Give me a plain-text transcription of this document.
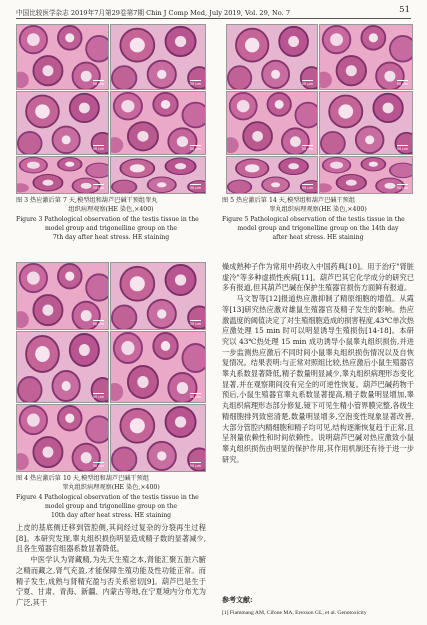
中国比较医学杂志 2019年7月第29卷第7期 Chin J Comp Med, July 2019, Vol. 29, No. 7	51
50 μm	50 μm
50 μm	50 μm
50 μm	50 μm
图 3 热应激后第 7 天,模型组和葫芦巴碱干预组睾丸
组织病理观察(HE 染色,×400)
Figure 3 Pathological observation of the testis tissue in the
model group and trigonelline group on the
7th day after heat stress. HE staining
50 μm	50 μm
50 μm	50 μm
50 μm	50 μm
图 5 热应激后第 14 天,模型组和葫芦巴碱干预组
睾丸组织病理观察(HE 染色,×400)
Figure 5 Pathological observation of the testis tissue in the
model group and trigonelline group on the 14th day
after heat stress. HE staining
50 μm	50 μm
50 μm	50 μm
50 μm	50 μm
图 4 热应激后第 10 天,模型组和葫芦巴碱干预组
睾丸组织病理观察(HE 染色,×400)
Figure 4 Pathological observation of the testis tissue in the
model group and trigonelline group on the
10th day after heat stress. HE staining

上皮的基底侧迁移到管腔侧,其间经过复杂的分裂再生过程[8]。本研究发现,睾丸组织损伤明显造成精子数的显著减少,且各生殖器官组器系数显著降低。

中医学认为肾藏精,为先天生殖之本,肾能汇聚五脏六腑之精而藏之,肾气充盈,才能保障生殖功能及性功能正常。而精子发生,成熟与肾精充盈与否关系密切[9]。葫芦巴是生于宁夏、甘肃、青海、新疆、内蒙古等地,在宁夏境内分布尤为广泛,其干

燥成熟种子作为常用中药收入中国药典[10]。用于治疗"肾脏虚冷"等多种虚损性疾病[11]。葫芦巴其它化学成分的研究已多有报道,但其葫芦巴碱在保护生殖器官损伤方面鲜有报道。

马文智等[12]报道热应激抑制了精原细胞的增值。从霞等[13]研究热应激对雄鼠生殖器官及精子发生的影响。热应激温度的阈值决定了对生殖细胞造成的损害程度,43℃单次热应激处理 15 min 时可以明显诱导生殖损伤[14-18]。本研究以 43℃热处理 15 min 成功诱导小鼠睾丸组织损伤,并进一步监测热应激后不同时间小鼠睾丸组织损伤情况以及自恢复情况。结果表明:与正常对照组比较,热应激后小鼠生殖器官睾丸系数显著降低,精子数量明显减少,睾丸组织病理形态变化显著,并在观察期间没有完全的可逆性恢复。葫芦巴碱药物干预后,小鼠生殖器官睾丸系数显著提高,精子数量明显增加,睾丸组织病理形态部分修复,镜下可见生精小管界膜完整,各级生精细胞排列致密清楚,数量明显增多,空泡变性现象显著改善,大部分管腔内精细胞和精子均可见,结构逐渐恢复趋于正常,且呈剂量依赖性和时间依赖性。说明葫芦巴碱对热应激致小鼠睾丸组织损伤由明显的保护作用,其作用机制还有待于进一步研究。

参考文献:
[1] Flammang AM, Cifone MA, Erexson GL, et al. Genotoxicity
